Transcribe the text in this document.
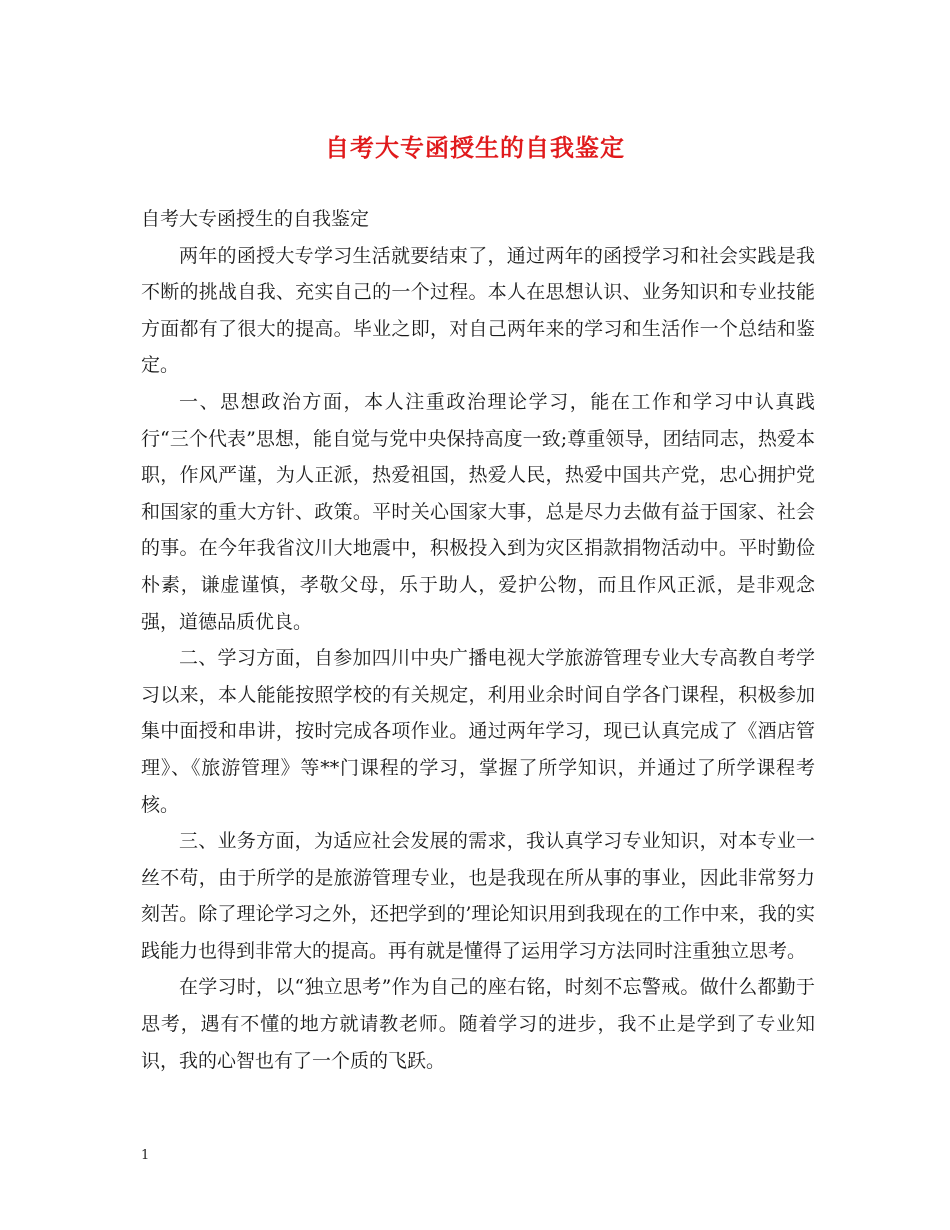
自考大专函授生的自我鉴定

自考大专函授生的自我鉴定

两年的函授大专学习生活就要结束了，通过两年的函授学习和社会实践是我不断的挑战自我、充实自己的一个过程。本人在思想认识、业务知识和专业技能方面都有了很大的提高。毕业之即，对自己两年来的学习和生活作一个总结和鉴定。

一、思想政治方面，本人注重政治理论学习，能在工作和学习中认真践行“三个代表”思想，能自觉与党中央保持高度一致;尊重领导，团结同志，热爱本职，作风严谨，为人正派，热爱祖国，热爱人民，热爱中国共产党，忠心拥护党和国家的重大方针、政策。平时关心国家大事，总是尽力去做有益于国家、社会的事。在今年我省汶川大地震中，积极投入到为灾区捐款捐物活动中。平时勤俭朴素，谦虚谨慎，孝敬父母，乐于助人，爱护公物，而且作风正派，是非观念强，道德品质优良。

二、学习方面，自参加四川中央广播电视大学旅游管理专业大专高教自考学习以来，本人能能按照学校的有关规定，利用业余时间自学各门课程，积极参加集中面授和串讲，按时完成各项作业。通过两年学习，现已认真完成了《酒店管理》、《旅游管理》等**门课程的学习，掌握了所学知识，并通过了所学课程考核。

三、业务方面，为适应社会发展的需求，我认真学习专业知识，对本专业一丝不苟，由于所学的是旅游管理专业，也是我现在所从事的事业，因此非常努力刻苦。除了理论学习之外，还把学到的’理论知识用到我现在的工作中来，我的实践能力也得到非常大的提高。再有就是懂得了运用学习方法同时注重独立思考。

在学习时，以“独立思考”作为自己的座右铭，时刻不忘警戒。做什么都勤于思考，遇有不懂的地方就请教老师。随着学习的进步，我不止是学到了专业知识，我的心智也有了一个质的飞跃。

1
